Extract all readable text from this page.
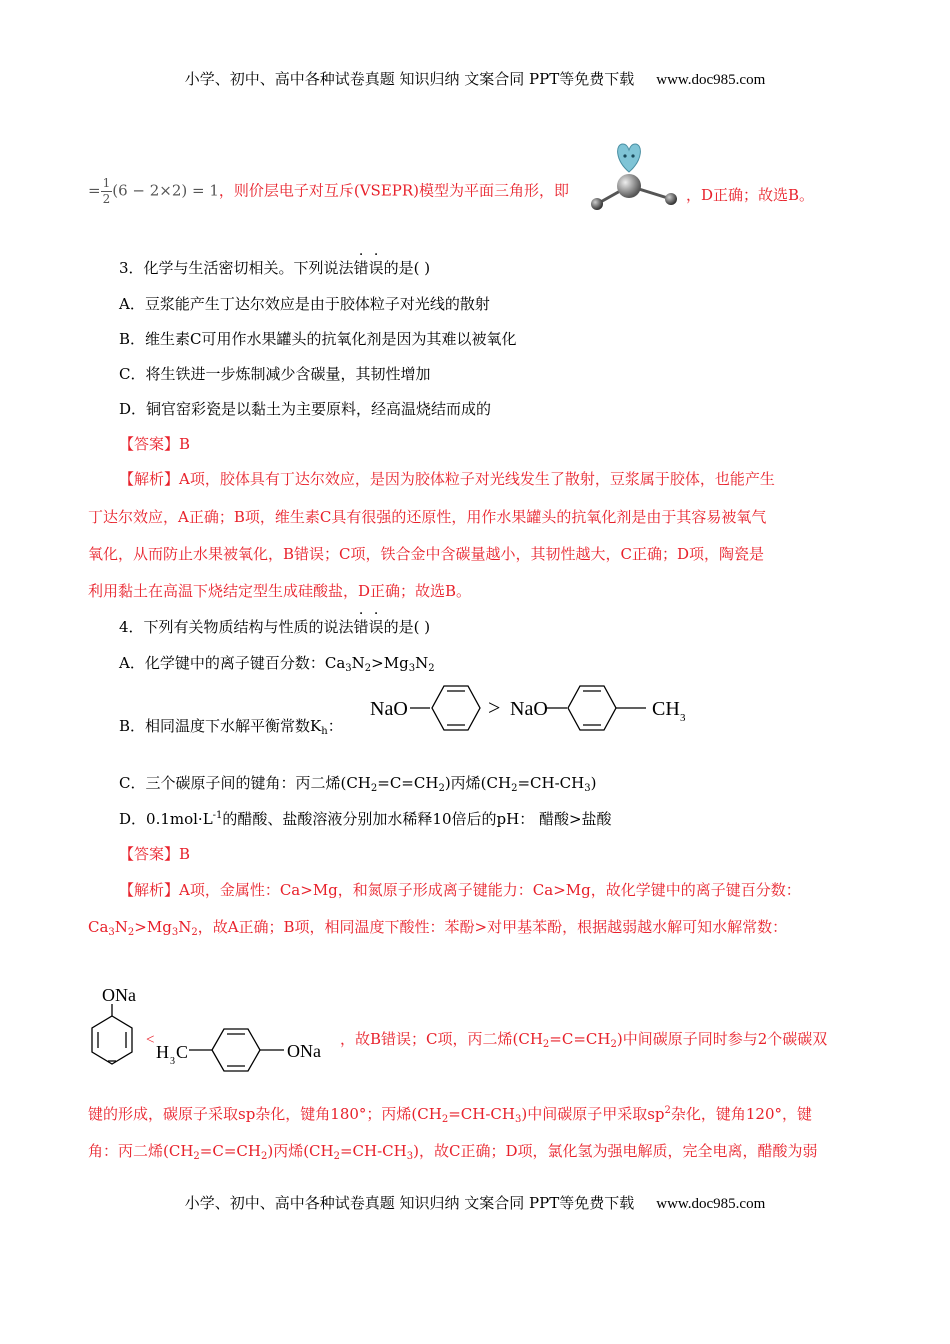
小学、初中、高中各种试卷真题 知识归纳 文案合同 PPT等免费下载 www.doc985.com
= $\frac{1}{2} (6 - 2\times 2) = 1$，则价层电子对互斥(VSEPR)模型为平面三角形，即	，D正确；故选B。
3．化学与生活密切相关。下列说法错误的是( )
A．豆浆能产生丁达尔效应是由于胶体粒子对光线的散射
B．维生素C可用作水果罐头的抗氧化剂是因为其难以被氧化
C．将生铁进一步炼制减少含碳量，其韧性增加
D．铜官窑彩瓷是以黏土为主要原料，经高温烧结而成的
【答案】B
【解析】A项，胶体具有丁达尔效应，是因为胶体粒子对光线发生了散射，豆浆属于胶体，也能产生
丁达尔效应，A正确；B项，维生素C具有很强的还原性，用作水果罐头的抗氧化剂是由于其容易被氧气
氧化，从而防止水果被氧化，B错误；C项，铁合金中含碳量越小，其韧性越大，C正确；D项，陶瓷是
利用黏土在高温下烧结定型生成硅酸盐，D正确；故选B。
4．下列有关物质结构与性质的说法错误的是( )
A．化学键中的离子键百分数：$Ca_3N_2>Mg_3N_2$
B．相同温度下水解平衡常数$K_h$：
NaO	> NaO	CH 3
C．三个碳原子间的键角：丙二烯$(CH_2=C=CH_2)$丙烯$(CH_2=CH-CH_3)$
D．$0.1mol\cdot L^{-1}$的醋酸、盐酸溶液分别加水稀释10倍后的pH： 醋酸>盐酸
【答案】B
【解析】A项，金属性：Ca>Mg，和氮原子形成离子键能力：Ca>Mg，故化学键中的离子键百分数：
$Ca_3N_2>Mg_3N_2$，故A正确；B项，相同温度下酸性：苯酚>对甲基苯酚，根据越弱越水解可知水解常数：
ONa
<
H 3 C	ONa
，故B错误；C项，丙二烯$(CH_2=C=CH_2)$中间碳原子同时参与2个碳碳双
键的形成，碳原子采取sp杂化，键角180°；丙烯$(CH_2=CH-CH_3)$中间碳原子甲采取$sp^2$杂化，键角120°，键
角：丙二烯$(CH_2=C=CH_2)$丙烯$(CH_2=CH-CH_3)$，故C正确；D项，氯化氢为强电解质，完全电离，醋酸为弱
小学、初中、高中各种试卷真题 知识归纳 文案合同 PPT等免费下载 www.doc985.com
